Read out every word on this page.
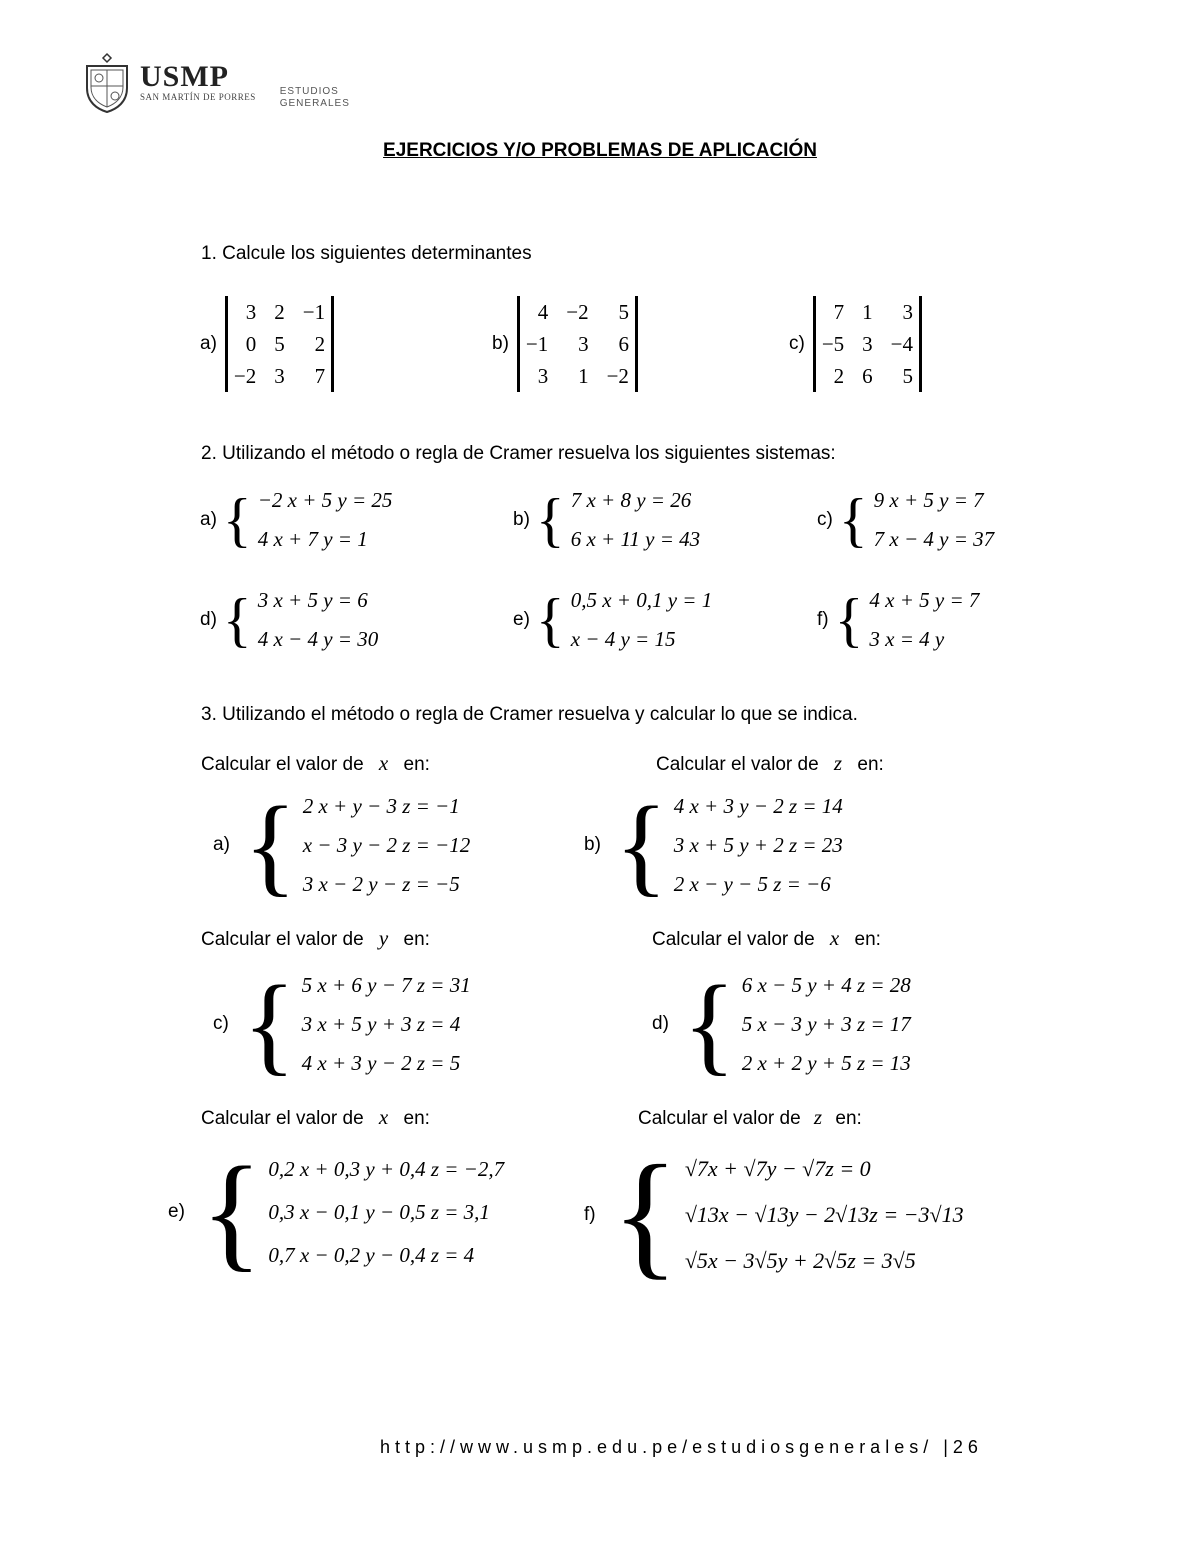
USMP
SAN MARTÍN DE PORRES ESTUDIOS
GENERALES
EJERCICIOS Y/O PROBLEMAS DE APLICACIÓN
1. Calcule los siguientes determinantes
a)
3 2 −1
0 5	2
−2 3	7
b)
4 −2	5
−1	3	6
3	1 −2
c)
7 1	3
−5 3 −4
2 6	5
2. Utilizando el método o regla de Cramer resuelva los siguientes sistemas:
a) { −2 x + 5 y = 25
4 x + 7 y = 1
b) { 7 x + 8 y = 26
6 x + 11 y = 43
c) { 9 x + 5 y = 7
7 x − 4 y = 37
d) { 3 x + 5 y = 6
4 x − 4 y = 30
e) { 0,5 x + 0,1 y = 1
x − 4 y = 15
f) { 4 x + 5 y = 7
3 x = 4 y
3. Utilizando el método o regla de Cramer resuelva y calcular lo que se indica.
Calcular el valor de x en:	Calcular el valor de z en:
a) { 2 x + y − 3 z = −1
x − 3 y − 2 z = −12
3 x − 2 y − z = −5
b) { 4 x + 3 y − 2 z = 14
3 x + 5 y + 2 z = 23
2 x − y − 5 z = −6
Calcular el valor de y en:	Calcular el valor de x en:
c) { 5 x + 6 y − 7 z = 31
3 x + 5 y + 3 z = 4
4 x + 3 y − 2 z = 5
d) { 6 x − 5 y + 4 z = 28
5 x − 3 y + 3 z = 17
2 x + 2 y + 5 z = 13
Calcular el valor de x en:	Calcular el valor de z en:
e) { 0,2 x + 0,3 y + 0,4 z = −2,7
0,3 x − 0,1 y − 0,5 z = 3,1
0,7 x − 0,2 y − 0,4 z = 4
f) { √7x + √7y − √7z = 0
√13x − √13y − 2√13z = −3√13
√5x − 3√5y + 2√5z = 3√5
http://www.usmp.edu.pe/estudiosgenerales/ |26
